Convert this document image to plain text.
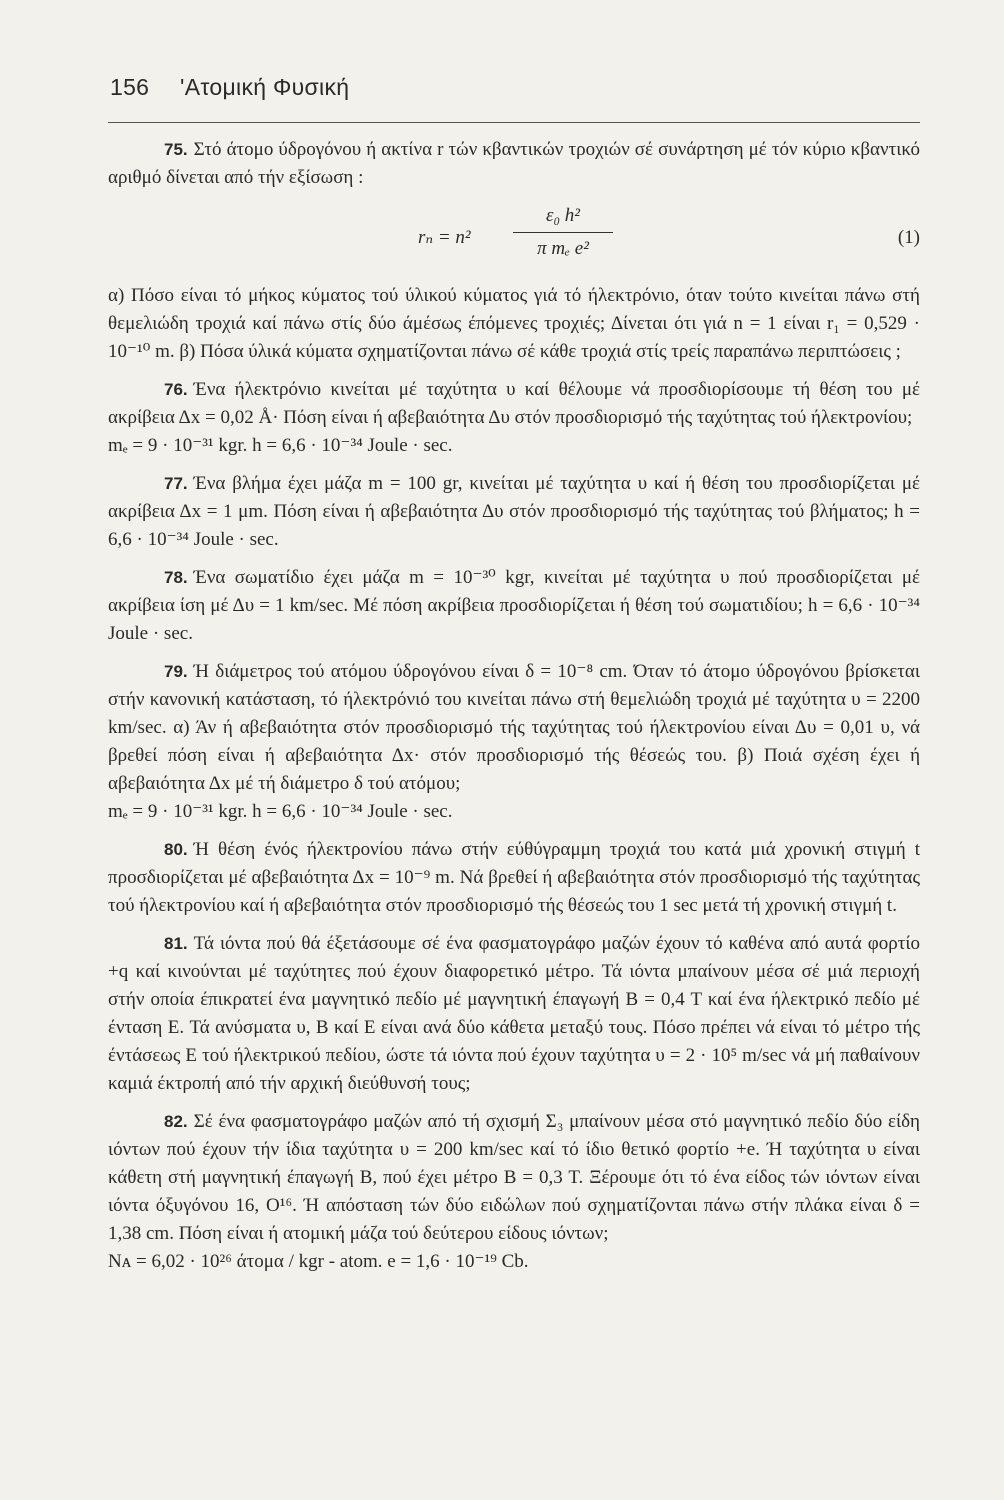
156 'Ατομική Φυσική

75. Στό άτομο ύδρογόνου ή ακτίνα r τών κβαντικών τροχιών σέ συνάρτηση μέ τόν κύριο κβαντικό αριθμό δίνεται από τήν εξίσωση :

$r_n = n^2 \frac{\text{ε₀ h²}}{\text{π mₑ e²}}$	(1)

α) Πόσο είναι τό μήκος κύματος τού ύλικού κύματος γιά τό ήλεκτρόνιο, όταν τούτο κινείται πάνω στή θεμελιώδη τροχιά καί πάνω στίς δύο άμέσως έπόμενες τροχιές; Δίνεται ότι γιά n = 1 είναι r₁ = 0,529 · 10⁻¹⁰ m. β) Πόσα ύλικά κύματα σχηματίζονται πάνω σέ κάθε τροχιά στίς τρείς παραπάνω περιπτώσεις ;

76. Ένα ήλεκτρόνιο κινείται μέ ταχύτητα υ καί θέλουμε νά προσδιορίσουμε τή θέση του μέ ακρίβεια Δx = 0,02 Å· Πόση είναι ή αβεβαιότητα Δυ στόν προσδιορισμό τής ταχύτητας τού ήλεκτρονίου;
mₑ = 9 · 10⁻³¹ kgr. h = 6,6 · 10⁻³⁴ Joule · sec.

77. Ένα βλήμα έχει μάζα m = 100 gr, κινείται μέ ταχύτητα υ καί ή θέση του προσδιορίζεται μέ ακρίβεια Δx = 1 μm. Πόση είναι ή αβεβαιότητα Δυ στόν προσδιορισμό τής ταχύτητας τού βλήματος; h = 6,6 · 10⁻³⁴ Joule · sec.

78. Ένα σωματίδιο έχει μάζα m = 10⁻³⁰ kgr, κινείται μέ ταχύτητα υ πού προσδιορίζεται μέ ακρίβεια ίση μέ Δυ = 1 km/sec. Μέ πόση ακρίβεια προσδιορίζεται ή θέση τού σωματιδίου; h = 6,6 · 10⁻³⁴ Joule · sec.

79. Ή διάμετρος τού ατόμου ύδρογόνου είναι δ = 10⁻⁸ cm. Όταν τό άτομο ύδρογόνου βρίσκεται στήν κανονική κατάσταση, τό ήλεκτρόνιό του κινείται πάνω στή θεμελιώδη τροχιά μέ ταχύτητα υ = 2200 km/sec. α) Άν ή αβεβαιότητα στόν προσδιορισμό τής ταχύτητας τού ήλεκτρονίου είναι Δυ = 0,01 υ, νά βρεθεί πόση είναι ή αβεβαιότητα Δx· στόν προσδιορισμό τής θέσεώς του. β) Ποιά σχέση έχει ή αβεβαιότητα Δx μέ τή διάμετρο δ τού ατόμου;
mₑ = 9 · 10⁻³¹ kgr. h = 6,6 · 10⁻³⁴ Joule · sec.

80. Ή θέση ένός ήλεκτρονίου πάνω στήν εύθύγραμμη τροχιά του κατά μιά χρονική στιγμή t προσδιορίζεται μέ αβεβαιότητα Δx = 10⁻⁹ m. Νά βρεθεί ή αβεβαιότητα στόν προσδιορισμό τής ταχύτητας τού ήλεκτρονίου καί ή αβεβαιότητα στόν προσδιορισμό τής θέσεώς του 1 sec μετά τή χρονική στιγμή t.

81. Τά ιόντα πού θά έξετάσουμε σέ ένα φασματογράφο μαζών έχουν τό καθένα από αυτά φορτίο +q καί κινούνται μέ ταχύτητες πού έχουν διαφορετικό μέτρο. Τά ιόντα μπαίνουν μέσα σέ μιά περιοχή στήν οποία έπικρατεί ένα μαγνητικό πεδίο μέ μαγνητική έπαγωγή B = 0,4 T καί ένα ήλεκτρικό πεδίο μέ ένταση E. Τά ανύσματα υ, B καί E είναι ανά δύο κάθετα μεταξύ τους. Πόσο πρέπει νά είναι τό μέτρο τής έντάσεως E τού ήλεκτρικού πεδίου, ώστε τά ιόντα πού έχουν ταχύτητα υ = 2 · 10⁵ m/sec νά μή παθαίνουν καμιά έκτροπή από τήν αρχική διεύθυνσή τους;

82. Σέ ένα φασματογράφο μαζών από τή σχισμή Σ₃ μπαίνουν μέσα στό μαγνητικό πεδίο δύο είδη ιόντων πού έχουν τήν ίδια ταχύτητα υ = 200 km/sec καί τό ίδιο θετικό φορτίο +e. Ή ταχύτητα υ είναι κάθετη στή μαγνητική έπαγωγή B, πού έχει μέτρο B = 0,3 T. Ξέρουμε ότι τό ένα είδος τών ιόντων είναι ιόντα όξυγόνου 16, O¹⁶. Ή απόσταση τών δύο ειδώλων πού σχηματίζονται πάνω στήν πλάκα είναι δ = 1,38 cm. Πόση είναι ή ατομική μάζα τού δεύτερου είδους ιόντων;
Nᴀ = 6,02 · 10²⁶ άτομα / kgr - atom. e = 1,6 · 10⁻¹⁹ Cb.
